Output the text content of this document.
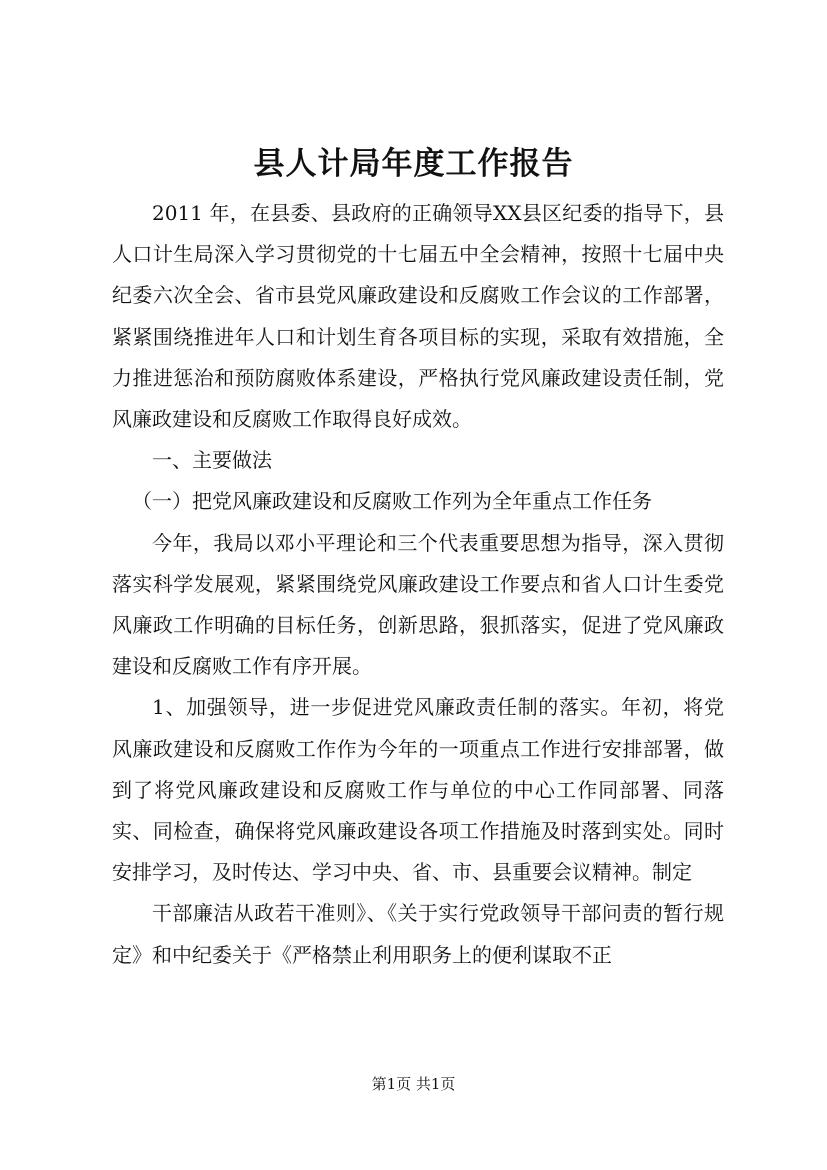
县人计局年度工作报告

2011 年，在县委、县政府的正确领导XX县区纪委的指导下，县人口计生局深入学习贯彻党的十七届五中全会精神，按照十七届中央纪委六次全会、省市县党风廉政建设和反腐败工作会议的工作部署，紧紧围绕推进年人口和计划生育各项目标的实现，采取有效措施，全力推进惩治和预防腐败体系建设，严格执行党风廉政建设责任制，党风廉政建设和反腐败工作取得良好成效。

一、主要做法

（一）把党风廉政建设和反腐败工作列为全年重点工作任务

今年，我局以邓小平理论和三个代表重要思想为指导，深入贯彻落实科学发展观，紧紧围绕党风廉政建设工作要点和省人口计生委党风廉政工作明确的目标任务，创新思路，狠抓落实，促进了党风廉政建设和反腐败工作有序开展。

1、加强领导，进一步促进党风廉政责任制的落实。年初，将党风廉政建设和反腐败工作作为今年的一项重点工作进行安排部署，做到了将党风廉政建设和反腐败工作与单位的中心工作同部署、同落实、同检查，确保将党风廉政建设各项工作措施及时落到实处。同时安排学习，及时传达、学习中央、省、市、县重要会议精神。制定

干部廉洁从政若干准则》、《关于实行党政领导干部问责的暂行规定》和中纪委关于《严格禁止利用职务上的便利谋取不正

第1页 共1页
